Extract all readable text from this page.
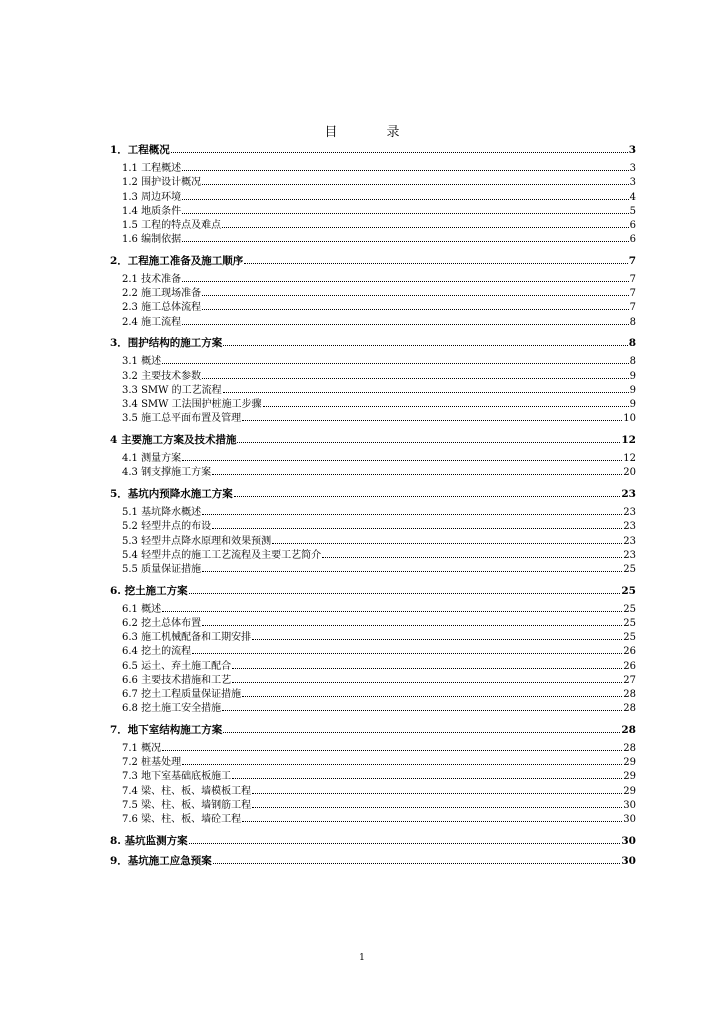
目　录
1．工程概况	3
1.1 工程概述	3
1.2 围护设计概况	3
1.3 周边环境	4
1.4 地质条件	5
1.5 工程的特点及难点	6
1.6 编制依据	6
2．工程施工准备及施工顺序	7
2.1 技术准备	7
2.2 施工现场准备	7
2.3 施工总体流程	7
2.4 施工流程	8
3．围护结构的施工方案	8
3.1 概述	8
3.2 主要技术参数	9
3.3 SMW 的工艺流程	9
3.4 SMW 工法围护桩施工步骤	9
3.5 施工总平面布置及管理	10
4 主要施工方案及技术措施	12
4.1 测量方案	12
4.3 钢支撑施工方案	20
5．基坑内预降水施工方案	23
5.1 基坑降水概述	23
5.2 轻型井点的布设	23
5.3 轻型井点降水原理和效果预测	23
5.4 轻型井点的施工工艺流程及主要工艺简介	23
5.5 质量保证措施	25
6. 挖土施工方案	25
6.1 概述	25
6.2 挖土总体布置	25
6.3 施工机械配备和工期安排	25
6.4 挖土的流程	26
6.5 运土、弃土施工配合	26
6.6 主要技术措施和工艺	27
6.7 挖土工程质量保证措施	28
6.8 挖土施工安全措施	28
7．地下室结构施工方案	28
7.1 概况	28
7.2 桩基处理	29
7.3 地下室基础底板施工	29
7.4 梁、柱、板、墙模板工程	29
7.5 梁、柱、板、墙钢筋工程	30
7.6 梁、柱、板、墙砼工程	30
8. 基坑监测方案	30
9．基坑施工应急预案	30
1
